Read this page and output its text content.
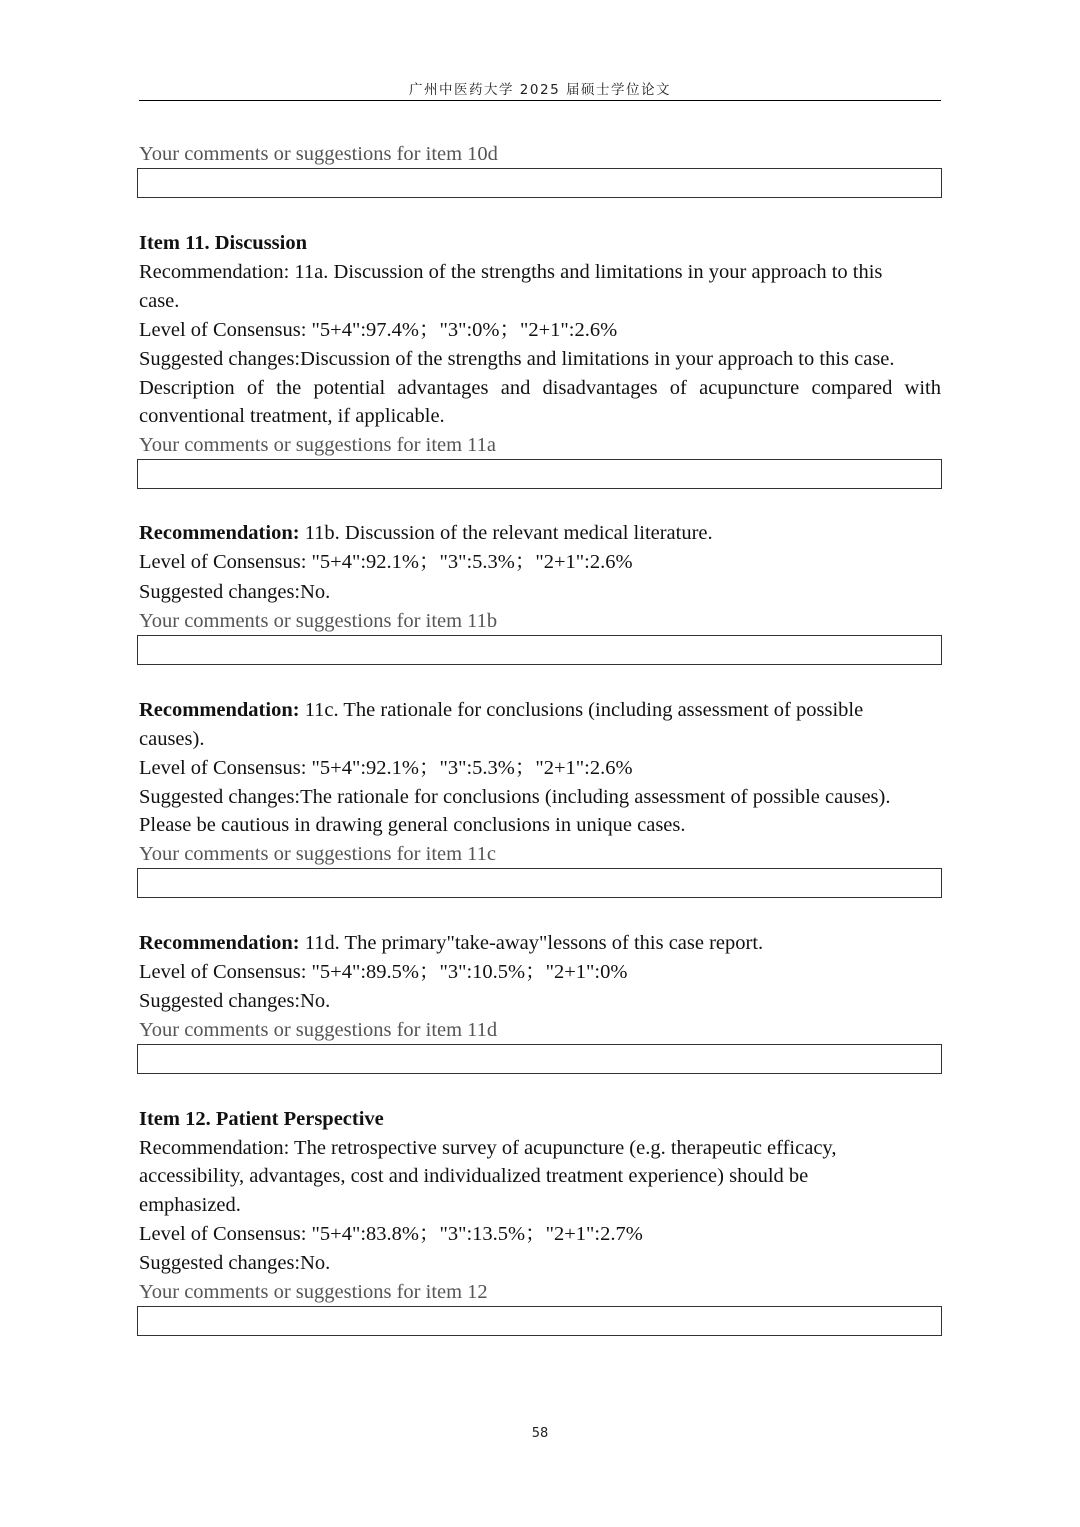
广州中医药大学 2025 届硕士学位论文
Your comments or suggestions for item 10d
Item 11. Discussion
Recommendation: 11a. Discussion of the strengths and limitations in your approach to this
case.
Level of Consensus: "5+4":97.4%；"3":0%；"2+1":2.6%
Suggested changes:Discussion of the strengths and limitations in your approach to this case.
Description of the potential advantages and disadvantages of acupuncture compared with
conventional treatment, if applicable.
Your comments or suggestions for item 11a
Recommendation: 11b. Discussion of the relevant medical literature.
Level of Consensus: "5+4":92.1%；"3":5.3%；"2+1":2.6%
Suggested changes:No.
Your comments or suggestions for item 11b
Recommendation: 11c. The rationale for conclusions (including assessment of possible
causes).
Level of Consensus: "5+4":92.1%；"3":5.3%；"2+1":2.6%
Suggested changes:The rationale for conclusions (including assessment of possible causes).
Please be cautious in drawing general conclusions in unique cases.
Your comments or suggestions for item 11c
Recommendation: 11d. The primary"take-away"lessons of this case report.
Level of Consensus: "5+4":89.5%；"3":10.5%；"2+1":0%
Suggested changes:No.
Your comments or suggestions for item 11d
Item 12. Patient Perspective
Recommendation: The retrospective survey of acupuncture (e.g. therapeutic efficacy,
accessibility, advantages, cost and individualized treatment experience) should be
emphasized.
Level of Consensus: "5+4":83.8%；"3":13.5%；"2+1":2.7%
Suggested changes:No.
Your comments or suggestions for item 12
58
